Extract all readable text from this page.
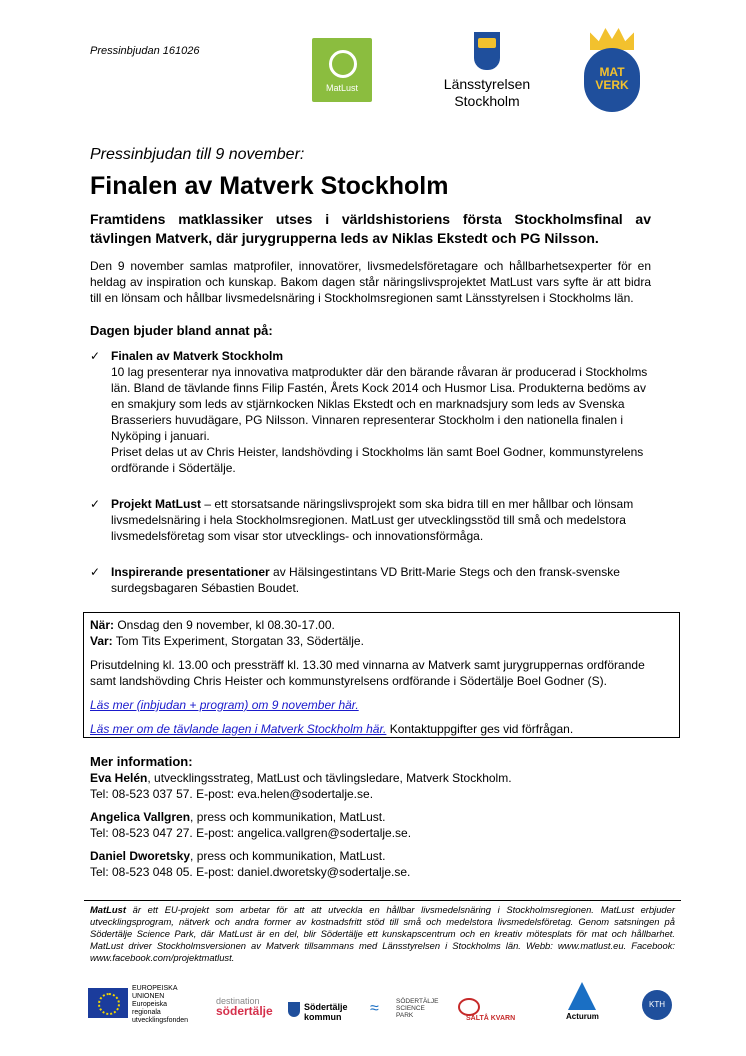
Pressinbjudan 161026
MatLust	Länsstyrelsen
Stockholm
MAT
VERK
Pressinbjudan till 9 november:
Finalen av Matverk Stockholm
Framtidens matklassiker utses i världshistoriens första Stockholmsfinal av tävlingen Matverk, där jurygrupperna leds av Niklas Ekstedt och PG Nilsson.
Den 9 november samlas matprofiler, innovatörer, livsmedelsföretagare och hållbarhetsexperter för en heldag av inspiration och kunskap. Bakom dagen står näringslivsprojektet MatLust vars syfte är att bidra till en lönsam och hållbar livsmedelsnäring i Stockholmsregionen samt Länsstyrelsen i Stockholms län.
Dagen bjuder bland annat på:
✓ Finalen av Matverk Stockholm
10 lag presenterar nya innovativa matprodukter där den bärande råvaran är producerad i Stockholms län. Bland de tävlande finns Filip Fastén, Årets Kock 2014 och Husmor Lisa. Produkterna bedöms av en smakjury som leds av stjärnkocken Niklas Ekstedt och en marknadsjury som leds av Svenska Brasseriers huvudägare, PG Nilsson. Vinnaren representerar Stockholm i den nationella finalen i Nyköping i januari.
Priset delas ut av Chris Heister, landshövding i Stockholms län samt Boel Godner, kommunstyrelens ordförande i Södertälje.
✓ Projekt MatLust – ett storsatsande näringslivsprojekt som ska bidra till en mer hållbar och lönsam livsmedelsnäring i hela Stockholmsregionen. MatLust ger utvecklingsstöd till små och medelstora livsmedelsföretag som visar stor utvecklings- och innovationsförmåga.
✓ Inspirerande presentationer av Hälsingestintans VD Britt-Marie Stegs och den fransk-svenske surdegsbagaren Sébastien Boudet.
När: Onsdag den 9 november, kl 08.30-17.00.
Var: Tom Tits Experiment, Storgatan 33, Södertälje.
Prisutdelning kl. 13.00 och pressträff kl. 13.30 med vinnarna av Matverk samt jurygruppernas ordförande samt landshövding Chris Heister och kommunstyrelsens ordförande i Södertälje Boel Godner (S).
Läs mer (inbjudan + program) om 9 november här.
Läs mer om de tävlande lagen i Matverk Stockholm här. Kontaktuppgifter ges vid förfrågan.
Mer information:
Eva Helén, utvecklingsstrateg, MatLust och tävlingsledare, Matverk Stockholm.
Tel: 08-523 037 57. E-post: eva.helen@sodertalje.se.
Angelica Vallgren, press och kommunikation, MatLust.
Tel: 08-523 047 27. E-post: angelica.vallgren@sodertalje.se.
Daniel Dworetsky, press och kommunikation, MatLust.
Tel: 08-523 048 05. E-post: daniel.dworetsky@sodertalje.se.
MatLust är ett EU-projekt som arbetar för att att utveckla en hållbar livsmedelsnäring i Stockholmsregionen. MatLust erbjuder utvecklingsprogram, nätverk och andra former av kostnadsfritt stöd till små och medelstora livsmedelsföretag. Genom satsningen på Södertälje Science Park, där MatLust är en del, blir Södertälje ett kunskapscentrum och en kreativ mötesplats för mat och hållbarhet. MatLust driver Stockholmsversionen av Matverk tillsammans med Länsstyrelsen i Stockholms län. Webb: www.matlust.eu. Facebook: www.facebook.com/projektmatlust.
EUROPEISKA
UNIONEN
Europeiska
regionala
utvecklingsfonden
destination
södertälje	Södertälje
kommun	≈	SÖDERTÄLJE
SCIENCE
PARK	SALTÅ KVARN	Acturum
KTH
